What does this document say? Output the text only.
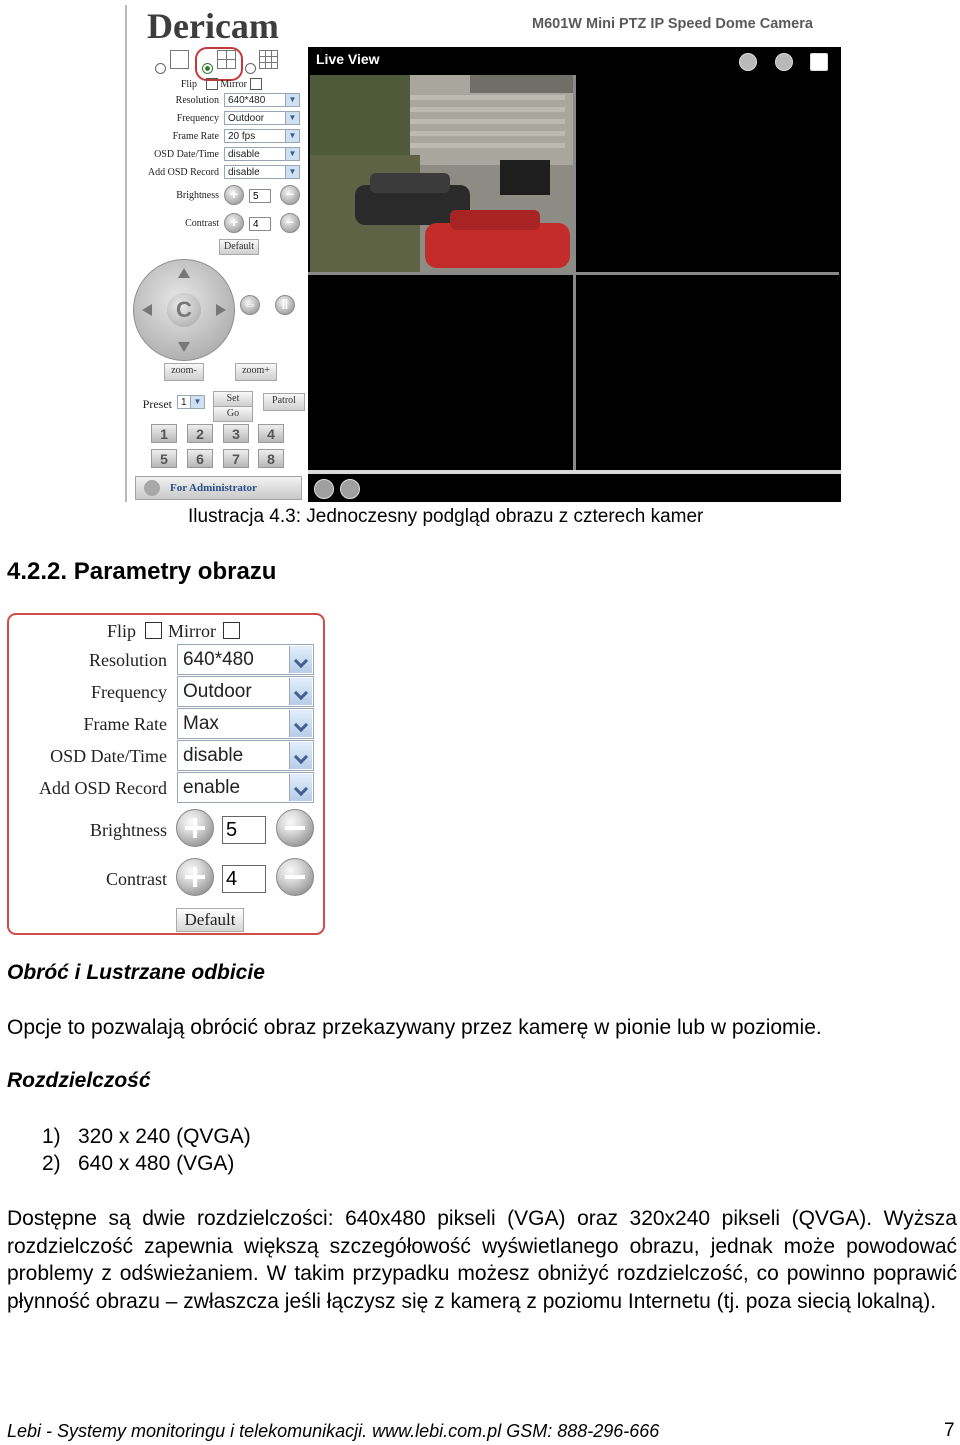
Dericam	M601W Mini PTZ IP Speed Dome Camera
Flip	Mirror
Resolution 640*480	▼
Frequency Outdoor	▼
Frame Rate 20 fps	▼
OSD Date/Time disable	▼
Add OSD Record disable	▼
Brightness +	5	−
Contrast +	4	−
Default
C	⇔	‖
zoom-	zoom+
Preset 1 ▼	Set
Go
Patrol
1	2	3	4
5	6	7	8
For Administrator
Live View
Ilustracja 4.3: Jednoczesny podgląd obrazu z czterech kamer
4.2.2. Parametry obrazu
Flip	Mirror
Resolution 640*480
Frequency Outdoor
Frame Rate Max
OSD Date/Time disable
Add OSD Record enable
Brightness	5
Contrast	4
Default
Obróć i Lustrzane odbicie
Opcje to pozwalają obrócić obraz przekazywany przez kamerę w pionie lub w poziomie.
Rozdzielczość
1) 320 x 240 (QVGA)
2) 640 x 480 (VGA)
Dostępne są dwie rozdzielczości: 640x480 pikseli (VGA) oraz 320x240 pikseli (QVGA). Wyższa rozdzielczość zapewnia większą szczegółowość wyświetlanego obrazu, jednak może powodować problemy z odświeżaniem. W takim przypadku możesz obniżyć rozdzielczość, co powinno poprawić płynność obrazu – zwłaszcza jeśli łączysz się z kamerą z poziomu Internetu (tj. poza siecią lokalną).
Lebi - Systemy monitoringu i telekomunikacji. www.lebi.com.pl GSM: 888-296-666	7
